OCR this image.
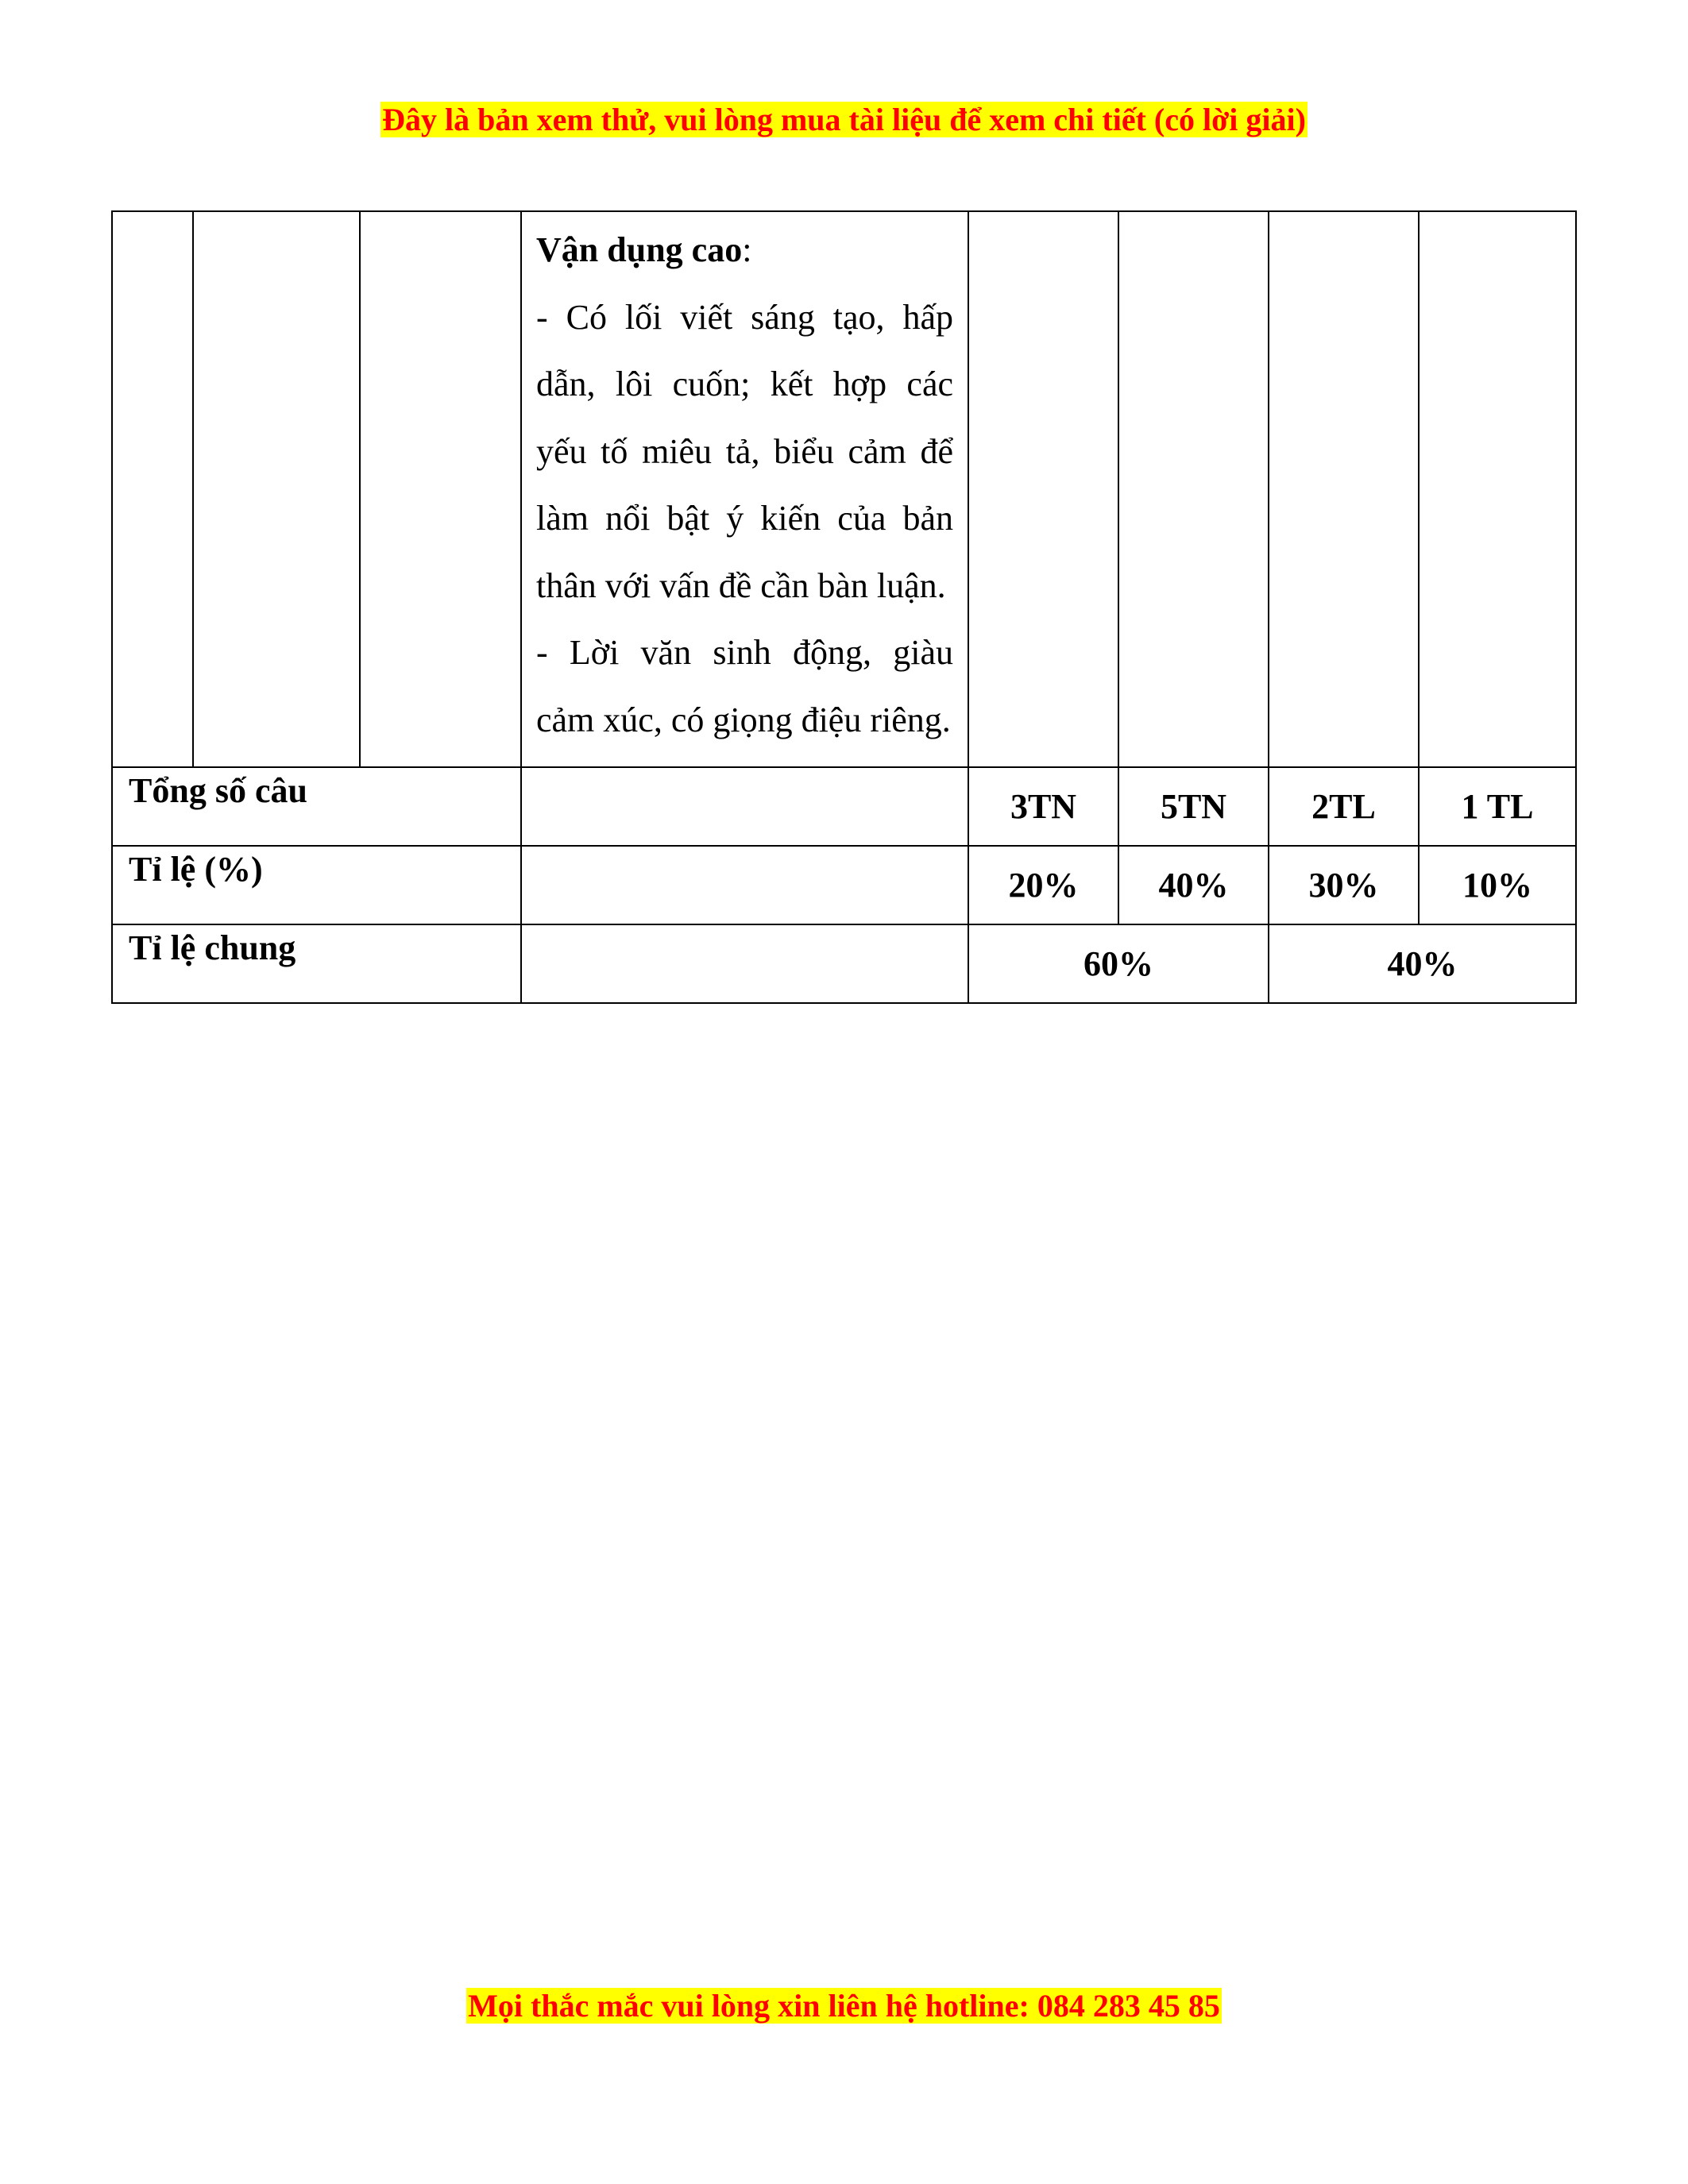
Đây là bản xem thử, vui lòng mua tài liệu để xem chi tiết (có lời giải)

			Vận dụng cao:

- Có lối viết sáng tạo, hấp dẫn, lôi cuốn; kết hợp các yếu tố miêu tả, biểu cảm để làm nổi bật ý kiến của bản thân với vấn đề cần bàn luận.

- Lời văn sinh động, giàu cảm xúc, có giọng điệu riêng.				

Tổng số câu				3TN	5TN	2TL	1 TL
Tỉ lệ (%)				20%	40%	30%	10%
Tỉ lệ chung				60%		40%	
Mọi thắc mắc vui lòng xin liên hệ hotline: 084 283 45 85
